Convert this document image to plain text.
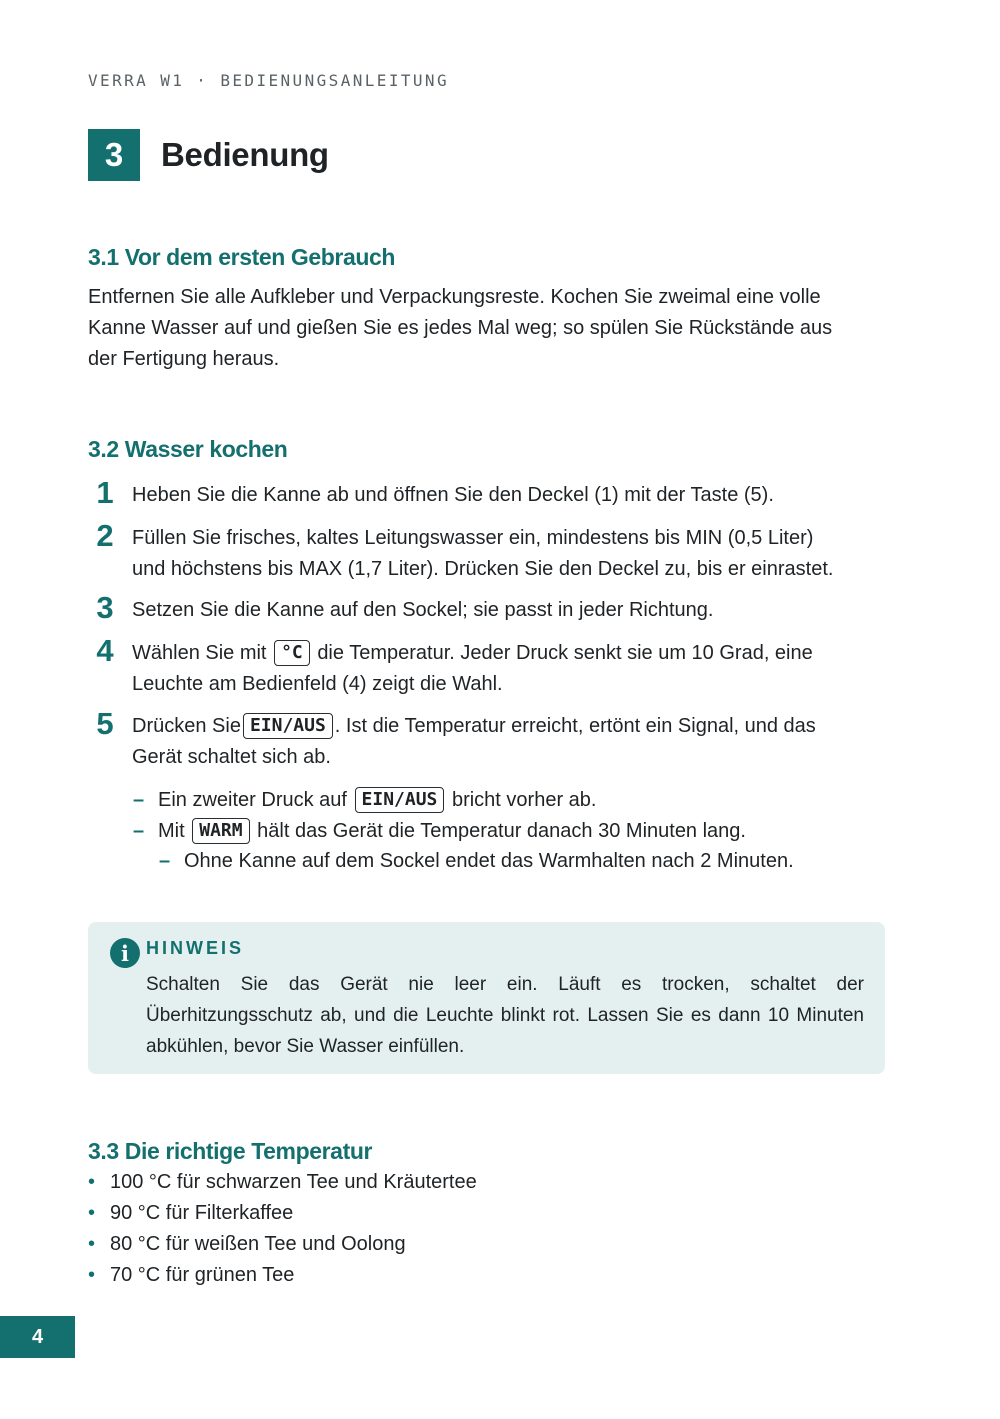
VERRA W1 · BEDIENUNGSANLEITUNG
3	Bedienung
3.1 Vor dem ersten Gebrauch
Entfernen Sie alle Aufkleber und Verpackungsreste. Kochen Sie zweimal eine volle
Kanne Wasser auf und gießen Sie es jedes Mal weg; so spülen Sie Rückstände aus
der Fertigung heraus.
3.2 Wasser kochen
1 Heben Sie die Kanne ab und öffnen Sie den Deckel (1) mit der Taste (5).
2 Füllen Sie frisches, kaltes Leitungswasser ein, mindestens bis MIN (0,5 Liter)
und höchstens bis MAX (1,7 Liter). Drücken Sie den Deckel zu, bis er einrastet.
3 Setzen Sie die Kanne auf den Sockel; sie passt in jeder Richtung.
4 Wählen Sie mit °C die Temperatur. Jeder Druck senkt sie um 10 Grad, eine
Leuchte am Bedienfeld (4) zeigt die Wahl.
5 Drücken Sie EIN/AUS . Ist die Temperatur erreicht, ertönt ein Signal, und das
Gerät schaltet sich ab.
– Ein zweiter Druck auf EIN/AUS bricht vorher ab.
– Mit WARM hält das Gerät die Temperatur danach 30 Minuten lang.
– Ohne Kanne auf dem Sockel endet das Warmhalten nach 2 Minuten.
i HINWEIS

Schalten Sie das Gerät nie leer ein. Läuft es trocken, schaltet der Überhitzungsschutz ab, und die Leuchte blinkt rot. Lassen Sie es dann 10 Minuten abkühlen, bevor Sie Wasser einfüllen.

3.3 Die richtige Temperatur
• 100 °C für schwarzen Tee und Kräutertee
• 90 °C für Filterkaffee
• 80 °C für weißen Tee und Oolong
• 70 °C für grünen Tee
4
